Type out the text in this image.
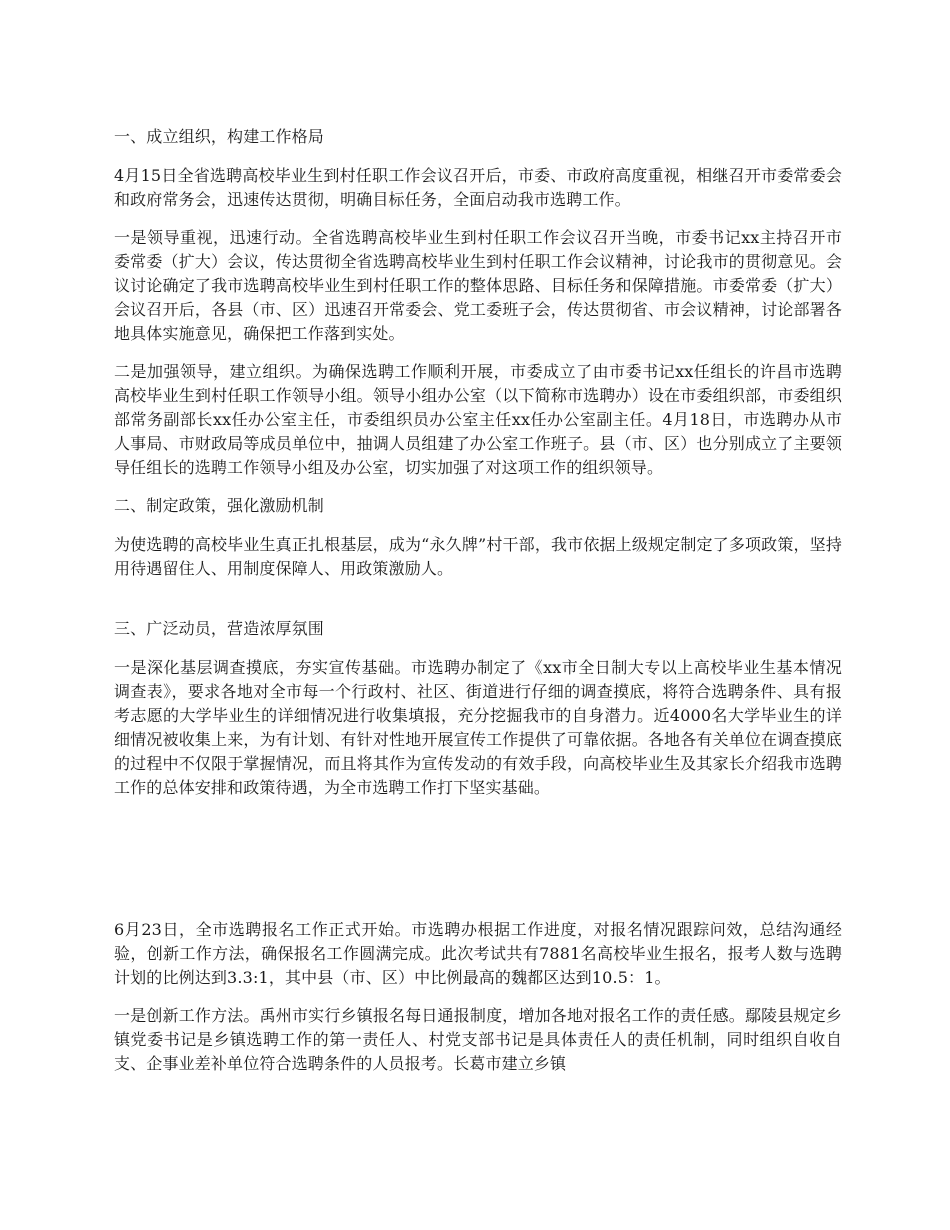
一、成立组织，构建工作格局

4月15日全省选聘高校毕业生到村任职工作会议召开后，市委、市政府高度重视，相继召开市委常委会和政府常务会，迅速传达贯彻，明确目标任务，全面启动我市选聘工作。

一是领导重视，迅速行动。全省选聘高校毕业生到村任职工作会议召开当晚，市委书记xx主持召开市委常委（扩大）会议，传达贯彻全省选聘高校毕业生到村任职工作会议精神，讨论我市的贯彻意见。会议讨论确定了我市选聘高校毕业生到村任职工作的整体思路、目标任务和保障措施。市委常委（扩大）会议召开后，各县（市、区）迅速召开常委会、党工委班子会，传达贯彻省、市会议精神，讨论部署各地具体实施意见，确保把工作落到实处。

二是加强领导，建立组织。为确保选聘工作顺利开展，市委成立了由市委书记xx任组长的许昌市选聘高校毕业生到村任职工作领导小组。领导小组办公室（以下简称市选聘办）设在市委组织部，市委组织部常务副部长xx任办公室主任，市委组织员办公室主任xx任办公室副主任。4月18日，市选聘办从市人事局、市财政局等成员单位中，抽调人员组建了办公室工作班子。县（市、区）也分别成立了主要领导任组长的选聘工作领导小组及办公室，切实加强了对这项工作的组织领导。

二、制定政策，强化激励机制

为使选聘的高校毕业生真正扎根基层，成为“永久牌”村干部，我市依据上级规定制定了多项政策，坚持用待遇留住人、用制度保障人、用政策激励人。

三、广泛动员，营造浓厚氛围

一是深化基层调查摸底，夯实宣传基础。市选聘办制定了《xx市全日制大专以上高校毕业生基本情况调查表》，要求各地对全市每一个行政村、社区、街道进行仔细的调查摸底，将符合选聘条件、具有报考志愿的大学毕业生的详细情况进行收集填报，充分挖掘我市的自身潜力。近4000名大学毕业生的详细情况被收集上来，为有计划、有针对性地开展宣传工作提供了可靠依据。各地各有关单位在调查摸底的过程中不仅限于掌握情况，而且将其作为宣传发动的有效手段，向高校毕业生及其家长介绍我市选聘工作的总体安排和政策待遇，为全市选聘工作打下坚实基础。

6月23日，全市选聘报名工作正式开始。市选聘办根据工作进度，对报名情况跟踪问效，总结沟通经验，创新工作方法，确保报名工作圆满完成。此次考试共有7881名高校毕业生报名，报考人数与选聘计划的比例达到3.3:1，其中县（市、区）中比例最高的魏都区达到10.5：1。

一是创新工作方法。禹州市实行乡镇报名每日通报制度，增加各地对报名工作的责任感。鄢陵县规定乡镇党委书记是乡镇选聘工作的第一责任人、村党支部书记是具体责任人的责任机制，同时组织自收自支、企事业差补单位符合选聘条件的人员报考。长葛市建立乡镇
